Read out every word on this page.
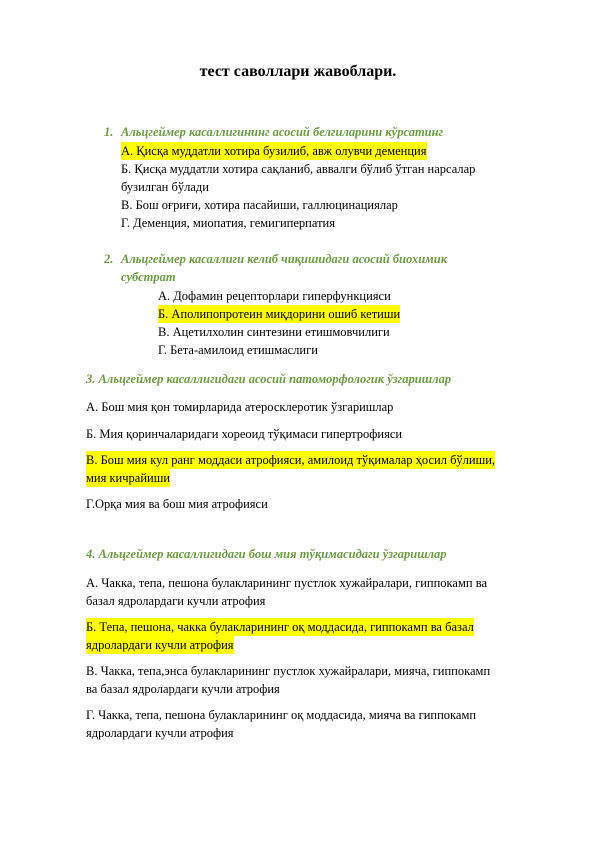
тест саволлари жавоблари.
1. Альцгеймер касаллигининг асосий белгиларини кўрсатинг
А. Қисқа муддатли хотира бузилиб, авж олувчи деменция
Б. Қисқа муддатли хотира сақланиб, аввалги бўлиб ўтган нарсалар
бузилган бўлади
В. Бош оғриғи, хотира пасайиши, галлюцинациялар
Г. Деменция, миопатия, гемигиперпатия
2. Альцгеймер касаллиги келиб чиқишидаги асосий биохимик
субстрат
А. Дофамин рецепторлари гиперфункцияси
Б. Аполипопротеин миқдорини ошиб кетиши
В. Ацетилхолин синтезини етишмовчилиги
Г. Бета-амилоид етишмаслиги
3. Альцгеймер касаллигидаги асосий патоморфологик ўзгаришлар
А. Бош мия қон томирларида атеросклеротик ўзгаришлар
Б. Мия қоринчаларидаги хореоид тўқимаси гипертрофияси
В. Бош мия кул ранг моддаси атрофияси, амилоид тўқималар ҳосил бўлиши,
мия кичрайиши
Г.Орқа мия ва бош мия атрофияси
4. Альцгеймер касаллигидаги бош мия тўқимасидаги ўзгаришлар
А. Чакка, тепа, пешона булакларининг пустлок хужайралари, гиппокамп ва
базал ядролардаги кучли атрофия
Б. Тепа, пешона, чакка булакларининг оқ моддасида, гиппокамп ва базал
ядролардаги кучли атрофия
В. Чакка, тепа,энса булакларининг пустлок хужайралари, мияча, гиппокамп
ва базал ядролардаги кучли атрофия
Г. Чакка, тепа, пешона булакларининг оқ моддасида, мияча ва гиппокамп
ядролардаги кучли атрофия
